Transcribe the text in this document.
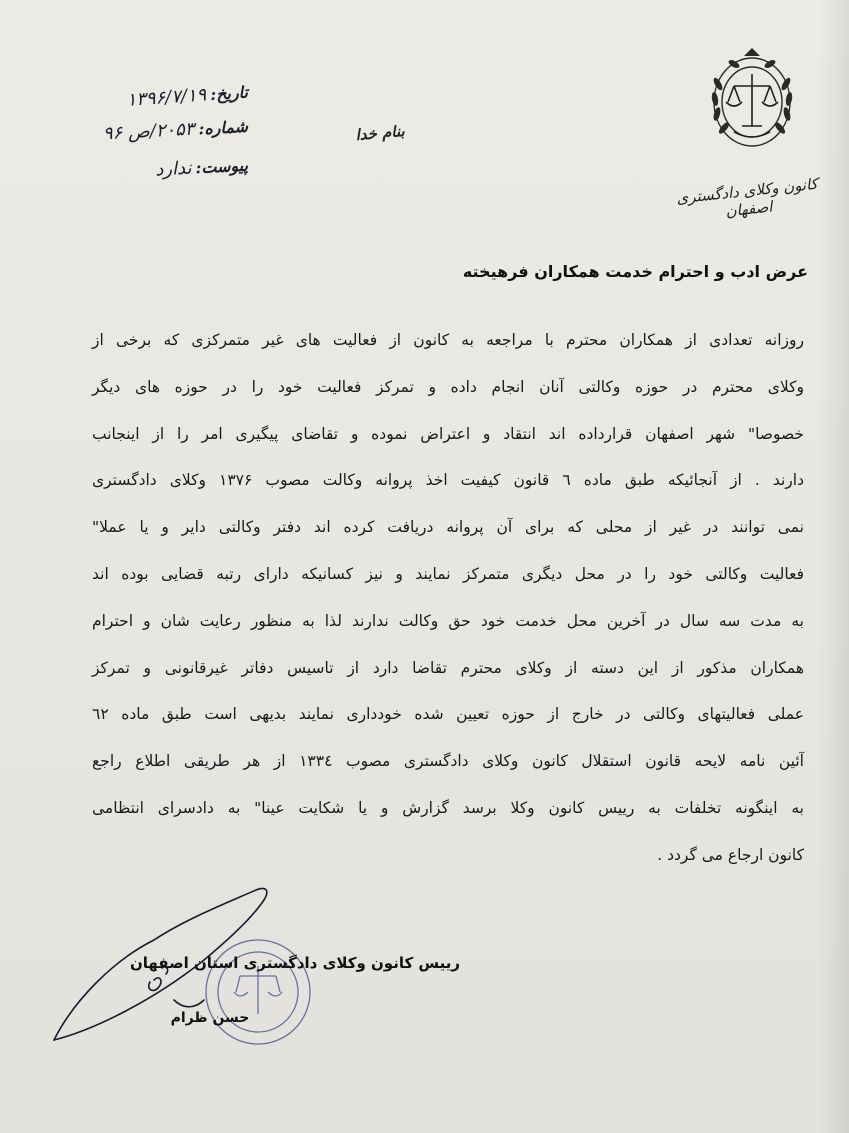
کانون وکلای دادگستری اصفهان
تاریخ:۱۳۹۶/۷/۱۹
شماره:۲۰۵۳/ص ۹۶
پیوست:ندارد
بنام خدا
عرض ادب و احترام خدمت همکاران فرهیخته
روزانه تعدادی از همکاران محترم با مراجعه به کانون از فعالیت های غیر متمرکزی که برخی از
وکلای محترم در حوزه وکالتی آنان انجام داده و تمرکز فعالیت خود را در حوزه های دیگر
خصوصا" شهر اصفهان قرارداده اند انتقاد و اعتراض نموده و تقاضای پیگیری امر را از اینجانب
دارند . از آنجائیکه طبق ماده ٦ قانون کیفیت اخذ پروانه وکالت مصوب ۱۳۷۶ وکلای دادگستری
نمی توانند در غیر از محلی که برای آن پروانه دریافت کرده اند دفتر وکالتی دایر و یا عملا"
فعالیت وکالتی خود را در محل دیگری متمرکز نمایند و نیز کسانیکه دارای رتبه قضایی بوده اند
به مدت سه سال در آخرین محل خدمت خود حق وکالت ندارند لذا به منظور رعایت شان و احترام
همکاران مذکور از این دسته از وکلای محترم تقاضا دارد از تاسیس دفاتر غیرقانونی و تمرکز
عملی فعالیتهای وکالتی در خارج از حوزه تعیین شده خودداری نمایند بدیهی است طبق ماده ٦۲
آئین نامه لایحه قانون استقلال کانون وکلای دادگستری مصوب ۱۳۳٤ از هر طریقی اطلاع راجع
به اینگونه تخلفات به رییس کانون وکلا برسد گزارش و یا شکایت عینا" به دادسرای انتظامی
کانون ارجاع می گردد .
رییس کانون وکلای دادگستری استان اصفهان
حسن ظرام
